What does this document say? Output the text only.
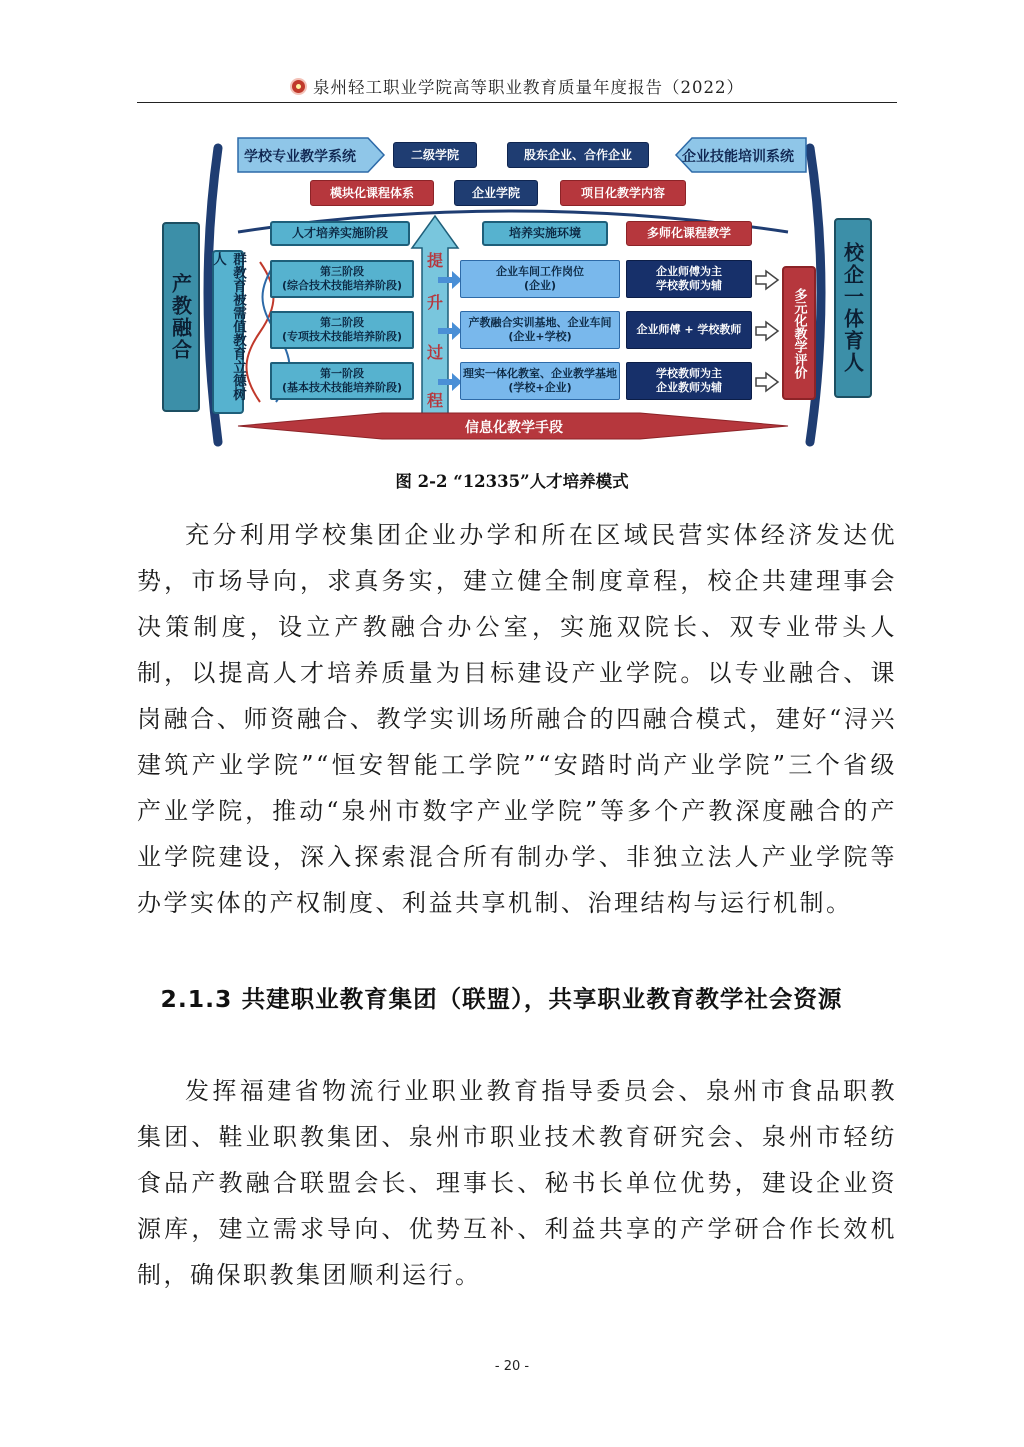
泉州轻工职业学院高等职业教育质量年度报告（2022）
学校专业教学系统	企业技能培训系统
二级学院	股东企业、合作企业
模块化课程体系	企业学院	项目化教学内容
人才培养实施阶段	培养实施环境	多师化课程教学
产教融合	校企一体育人
群教育被需值教育立德树人
多元化教学评价
提
升
过
程
第三阶段
(综合技术技能培养阶段)
第二阶段
(专项技术技能培养阶段)
第一阶段
(基本技术技能培养阶段)
企业车间工作岗位
(企业)
产教融合实训基地、企业车间
(企业+学校)
理实一体化教室、企业教学基地
(学校+企业)
企业师傅为主
学校教师为辅
企业师傅 + 学校教师
学校教师为主
企业教师为辅
信息化教学手段
图 2-2 “12335”人才培养模式

充分利用学校集团企业办学和所在区域民营实体经济发达优势，市场导向，求真务实，建立健全制度章程，校企共建理事会决策制度，设立产教融合办公室，实施双院长、双专业带头人制，以提高人才培养质量为目标建设产业学院。以专业融合、课岗融合、师资融合、教学实训场所融合的四融合模式，建好“浔兴建筑产业学院”“恒安智能工学院”“安踏时尚产业学院”三个省级产业学院，推动“泉州市数字产业学院”等多个产教深度融合的产业学院建设，深入探索混合所有制办学、非独立法人产业学院等办学实体的产权制度、利益共享机制、治理结构与运行机制。

2.1.3 共建职业教育集团（联盟），共享职业教育教学社会资源

发挥福建省物流行业职业教育指导委员会、泉州市食品职教集团、鞋业职教集团、泉州市职业技术教育研究会、泉州市轻纺食品产教融合联盟会长、理事长、秘书长单位优势，建设企业资源库，建立需求导向、优势互补、利益共享的产学研合作长效机制，确保职教集团顺利运行。

- 20 -
